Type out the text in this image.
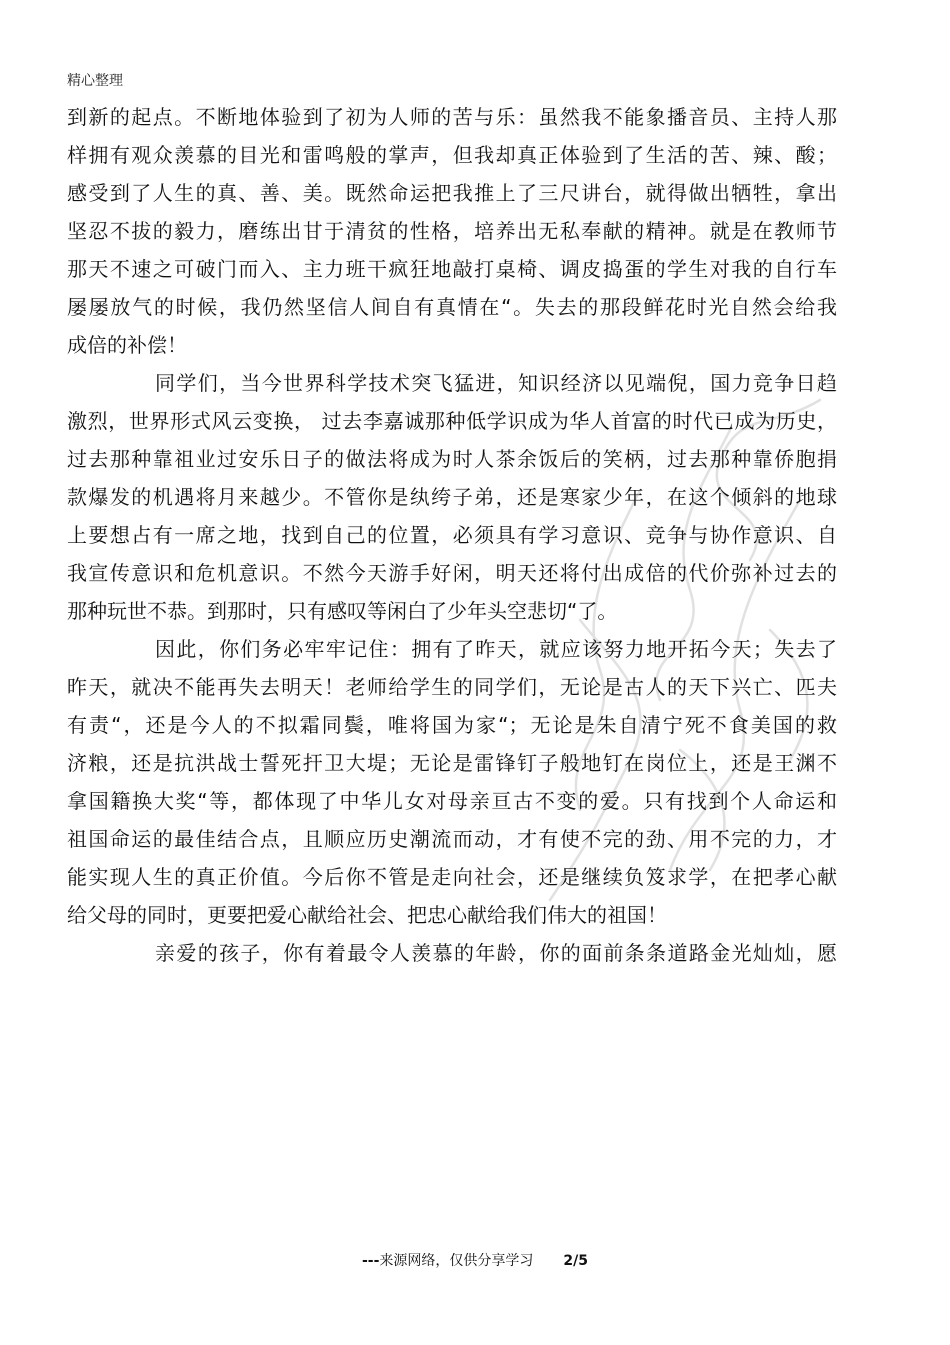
精心整理
到新的起点。不断地体验到了初为人师的苦与乐：虽然我不能象播音员、主持人那
样拥有观众羡慕的目光和雷鸣般的掌声，但我却真正体验到了生活的苦、辣、酸；
感受到了人生的真、善、美。既然命运把我推上了三尺讲台，就得做出牺牲，拿出
坚忍不拔的毅力，磨练出甘于清贫的性格，培养出无私奉献的精神。就是在教师节
那天不速之可破门而入、主力班干疯狂地敲打桌椅、调皮捣蛋的学生对我的自行车
屡屡放气的时候，我仍然坚信人间自有真情在“。失去的那段鲜花时光自然会给我
成倍的补偿！
同学们，当今世界科学技术突飞猛进，知识经济以见端倪，国力竞争日趋
激烈，世界形式风云变换， 过去李嘉诚那种低学识成为华人首富的时代已成为历史，
过去那种靠祖业过安乐日子的做法将成为时人茶余饭后的笑柄，过去那种靠侨胞捐
款爆发的机遇将月来越少。不管你是纨绔子弟，还是寒家少年，在这个倾斜的地球
上要想占有一席之地，找到自己的位置，必须具有学习意识、竞争与协作意识、自
我宣传意识和危机意识。不然今天游手好闲，明天还将付出成倍的代价弥补过去的
那种玩世不恭。到那时，只有感叹等闲白了少年头空悲切“了。
因此，你们务必牢牢记住：拥有了昨天，就应该努力地开拓今天；失去了
昨天，就决不能再失去明天！老师给学生的同学们，无论是古人的天下兴亡、匹夫
有责“，还是今人的不拟霜同鬓，唯将国为家“；无论是朱自清宁死不食美国的救
济粮，还是抗洪战士誓死扞卫大堤；无论是雷锋钉子般地钉在岗位上，还是王渊不
拿国籍换大奖“等，都体现了中华儿女对母亲亘古不变的爱。只有找到个人命运和
祖国命运的最佳结合点，且顺应历史潮流而动，才有使不完的劲、用不完的力，才
能实现人生的真正价值。今后你不管是走向社会，还是继续负笈求学，在把孝心献
给父母的同时，更要把爱心献给社会、把忠心献给我们伟大的祖国！
亲爱的孩子，你有着最令人羡慕的年龄，你的面前条条道路金光灿灿，愿
---来源网络，仅供分享学习 2/5
